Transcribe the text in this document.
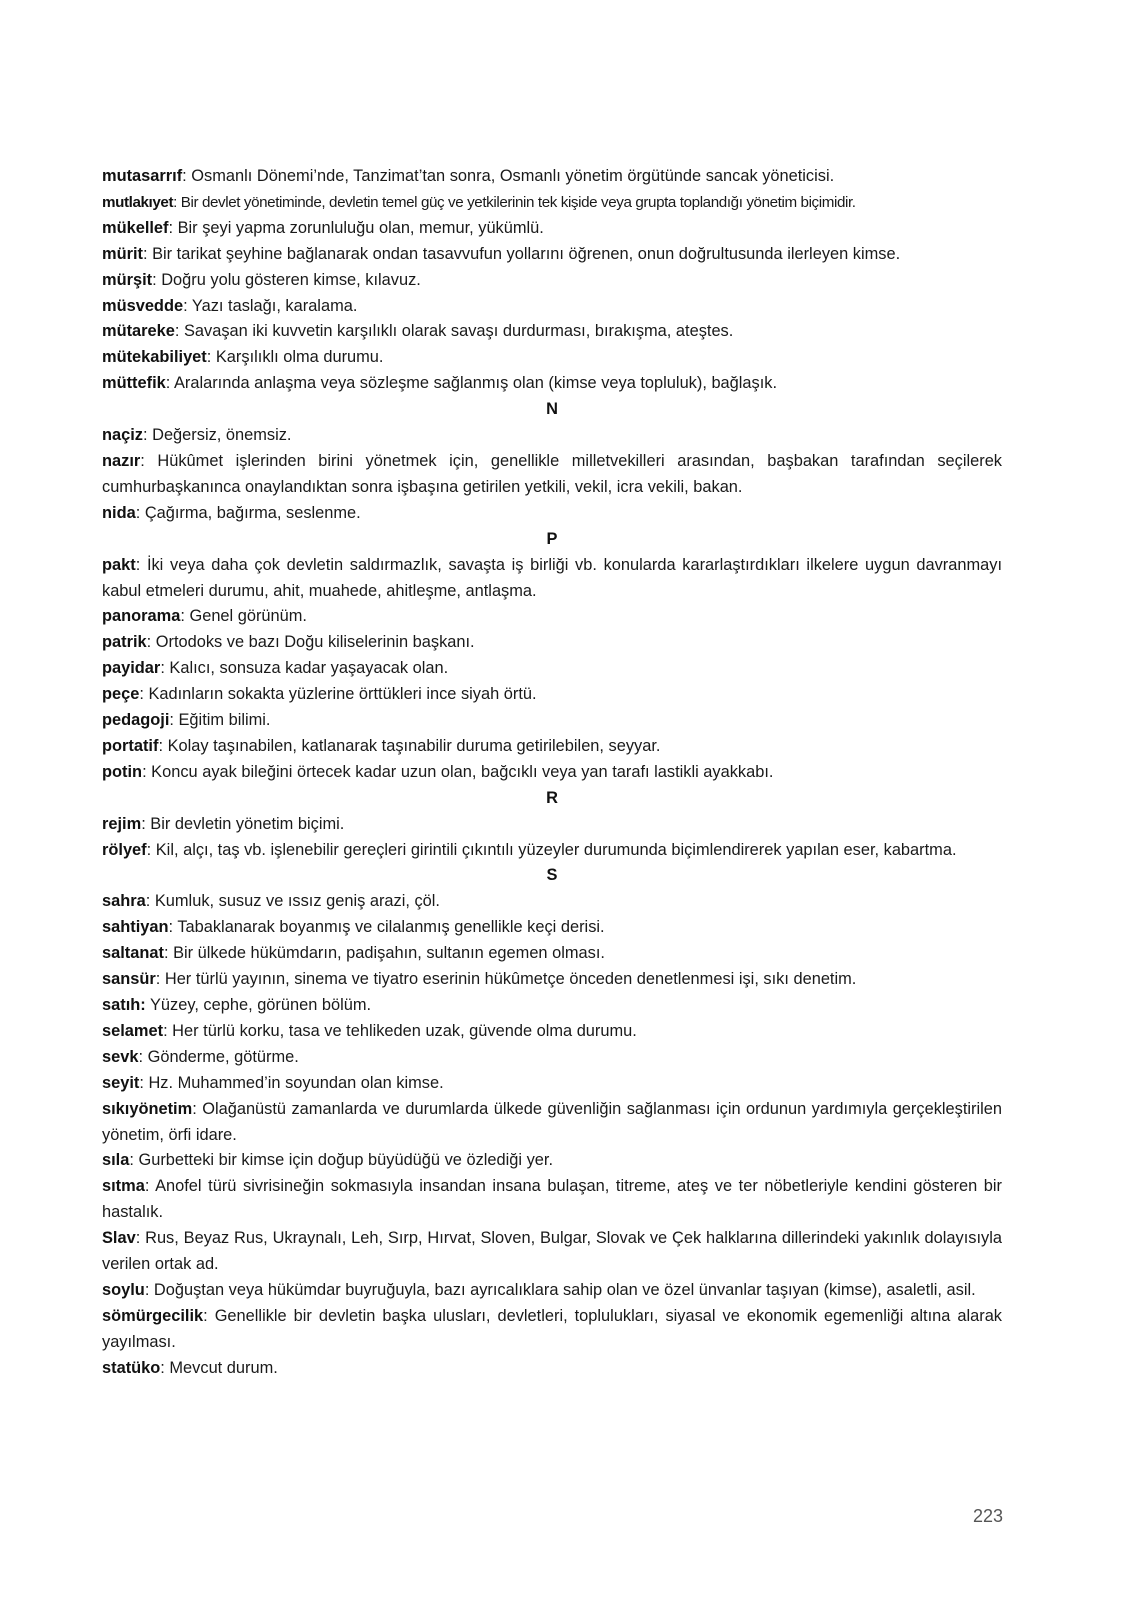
mutasarrıf: Osmanlı Dönemi’nde, Tanzimat’tan sonra, Osmanlı yönetim örgütünde sancak yöneticisi.

mutlakıyet: Bir devlet yönetiminde, devletin temel güç ve yetkilerinin tek kişide veya grupta toplandığı yönetim biçimidir.

mükellef: Bir şeyi yapma zorunluluğu olan, memur, yükümlü.

mürit: Bir tarikat şeyhine bağlanarak ondan tasavvufun yollarını öğrenen, onun doğrultusunda ilerleyen kimse.

mürşit: Doğru yolu gösteren kimse, kılavuz.

müsvedde: Yazı taslağı, karalama.

mütareke: Savaşan iki kuvvetin karşılıklı olarak savaşı durdurması, bırakışma, ateştes.

mütekabiliyet: Karşılıklı olma durumu.

müttefik: Aralarında anlaşma veya sözleşme sağlanmış olan (kimse veya topluluk), bağlaşık.

N

naçiz: Değersiz, önemsiz.

nazır: Hükûmet işlerinden birini yönetmek için, genellikle milletvekilleri arasından, başbakan tarafından seçilerek cumhurbaşkanınca onaylandıktan sonra işbaşına getirilen yetkili, vekil, icra vekili, bakan.

nida: Çağırma, bağırma, seslenme.

P

pakt: İki veya daha çok devletin saldırmazlık, savaşta iş birliği vb. konularda kararlaştırdıkları ilkelere uygun davranmayı kabul etmeleri durumu, ahit, muahede, ahitleşme, antlaşma.

panorama: Genel görünüm.

patrik: Ortodoks ve bazı Doğu kiliselerinin başkanı.

payidar: Kalıcı, sonsuza kadar yaşayacak olan.

peçe: Kadınların sokakta yüzlerine örttükleri ince siyah örtü.

pedagoji: Eğitim bilimi.

portatif: Kolay taşınabilen, katlanarak taşınabilir duruma getirilebilen, seyyar.

potin: Koncu ayak bileğini örtecek kadar uzun olan, bağcıklı veya yan tarafı lastikli ayakkabı.

R

rejim: Bir devletin yönetim biçimi.

rölyef: Kil, alçı, taş vb. işlenebilir gereçleri girintili çıkıntılı yüzeyler durumunda biçimlendirerek yapılan eser, kabartma.

S

sahra: Kumluk, susuz ve ıssız geniş arazi, çöl.

sahtiyan: Tabaklanarak boyanmış ve cilalanmış genellikle keçi derisi.

saltanat: Bir ülkede hükümdarın, padişahın, sultanın egemen olması.

sansür: Her türlü yayının, sinema ve tiyatro eserinin hükûmetçe önceden denetlenmesi işi, sıkı denetim.

satıh: Yüzey, cephe, görünen bölüm.

selamet: Her türlü korku, tasa ve tehlikeden uzak, güvende olma durumu.

sevk: Gönderme, götürme.

seyit: Hz. Muhammed’in soyundan olan kimse.

sıkıyönetim: Olağanüstü zamanlarda ve durumlarda ülkede güvenliğin sağlanması için ordunun yardımıyla gerçekleştirilen yönetim, örfi idare.

sıla: Gurbetteki bir kimse için doğup büyüdüğü ve özlediği yer.

sıtma: Anofel türü sivrisineğin sokmasıyla insandan insana bulaşan, titreme, ateş ve ter nöbetleriyle kendini gösteren bir hastalık.

Slav: Rus, Beyaz Rus, Ukraynalı, Leh, Sırp, Hırvat, Sloven, Bulgar, Slovak ve Çek halklarına dillerindeki yakınlık dolayısıyla verilen ortak ad.

soylu: Doğuştan veya hükümdar buyruğuyla, bazı ayrıcalıklara sahip olan ve özel ünvanlar taşıyan (kimse), asaletli, asil.

sömürgecilik: Genellikle bir devletin başka ulusları, devletleri, toplulukları, siyasal ve ekonomik egemenliği altına alarak yayılması.

statüko: Mevcut durum.

223
